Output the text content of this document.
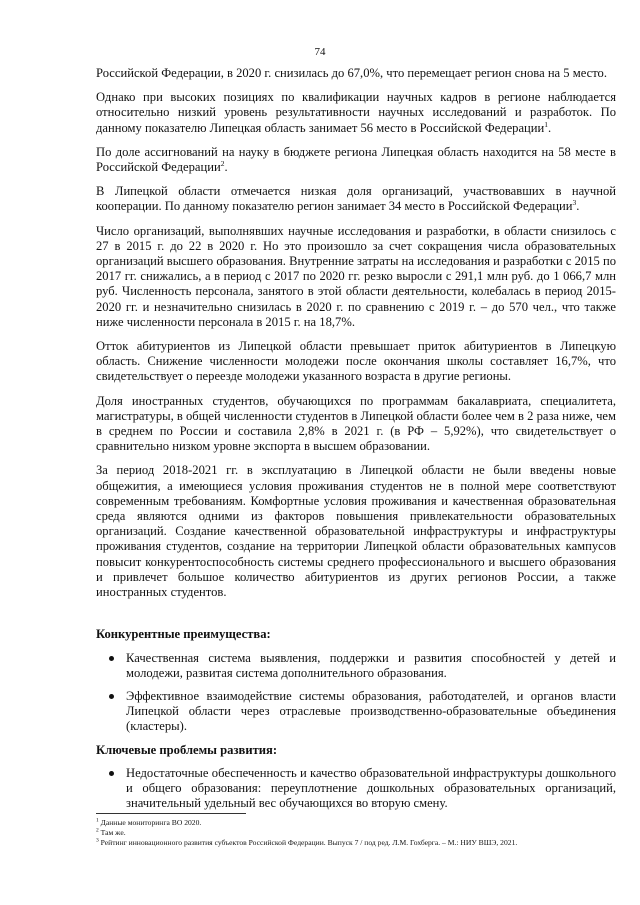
74

Российской Федерации, в 2020 г. снизилась до 67,0%, что перемещает регион снова на 5 место.

Однако при высоких позициях по квалификации научных кадров в регионе наблюдается относительно низкий уровень результативности научных исследований и разработок. По данному показателю Липецкая область занимает 56 место в Российской Федерации$^1$.

По доле ассигнований на науку в бюджете региона Липецкая область находится на 58 месте в Российской Федерации$^2$.

В Липецкой области отмечается низкая доля организаций, участвовавших в научной кооперации. По данному показателю регион занимает 34 место в Российской Федерации$^3$.

Число организаций, выполнявших научные исследования и разработки, в области снизилось с 27 в 2015 г. до 22 в 2020 г. Но это произошло за счет сокращения числа образовательных организаций высшего образования. Внутренние затраты на исследования и разработки с 2015 по 2017 гг. снижались, а в период с 2017 по 2020 гг. резко выросли с 291,1 млн руб. до 1 066,7 млн руб. Численность персонала, занятого в этой области деятельности, колебалась в период 2015-2020 гг. и незначительно снизилась в 2020 г. по сравнению с 2019 г. – до 570 чел., что также ниже численности персонала в 2015 г. на 18,7%.

Отток абитуриентов из Липецкой области превышает приток абитуриентов в Липецкую область. Снижение численности молодежи после окончания школы составляет 16,7%, что свидетельствует о переезде молодежи указанного возраста в другие регионы.

Доля иностранных студентов, обучающихся по программам бакалавриата, специалитета, магистратуры, в общей численности студентов в Липецкой области более чем в 2 раза ниже, чем в среднем по России и составила 2,8% в 2021 г. (в РФ – 5,92%), что свидетельствует о сравнительно низком уровне экспорта в высшем образовании.

За период 2018-2021 гг. в эксплуатацию в Липецкой области не были введены новые общежития, а имеющиеся условия проживания студентов не в полной мере соответствуют современным требованиям. Комфортные условия проживания и качественная образовательная среда являются одними из факторов повышения привлекательности образовательных организаций. Создание качественной образовательной инфраструктуры и инфраструктуры проживания студентов, создание на территории Липецкой области образовательных кампусов повысит конкурентоспособность системы среднего профессионального и высшего образования и привлечет большое количество абитуриентов из других регионов России, а также иностранных студентов.

Конкурентные преимущества:
Качественная система выявления, поддержки и развития способностей у детей и молодежи, развитая система дополнительного образования.
Эффективное взаимодействие системы образования, работодателей, и органов власти Липецкой области через отраслевые производственно-образовательные объединения (кластеры).
Ключевые проблемы развития:
Недостаточные обеспеченность и качество образовательной инфраструктуры дошкольного и общего образования: переуплотнение дошкольных образовательных организаций, значительный удельный вес обучающихся во вторую смену.
$^1$ Данные мониторинга ВО 2020.
$^2$ Там же.
$^3$ Рейтинг инновационного развития субъектов Российской Федерации. Выпуск 7 / под ред. Л.М. Гохберга. – М.: НИУ ВШЭ, 2021.
